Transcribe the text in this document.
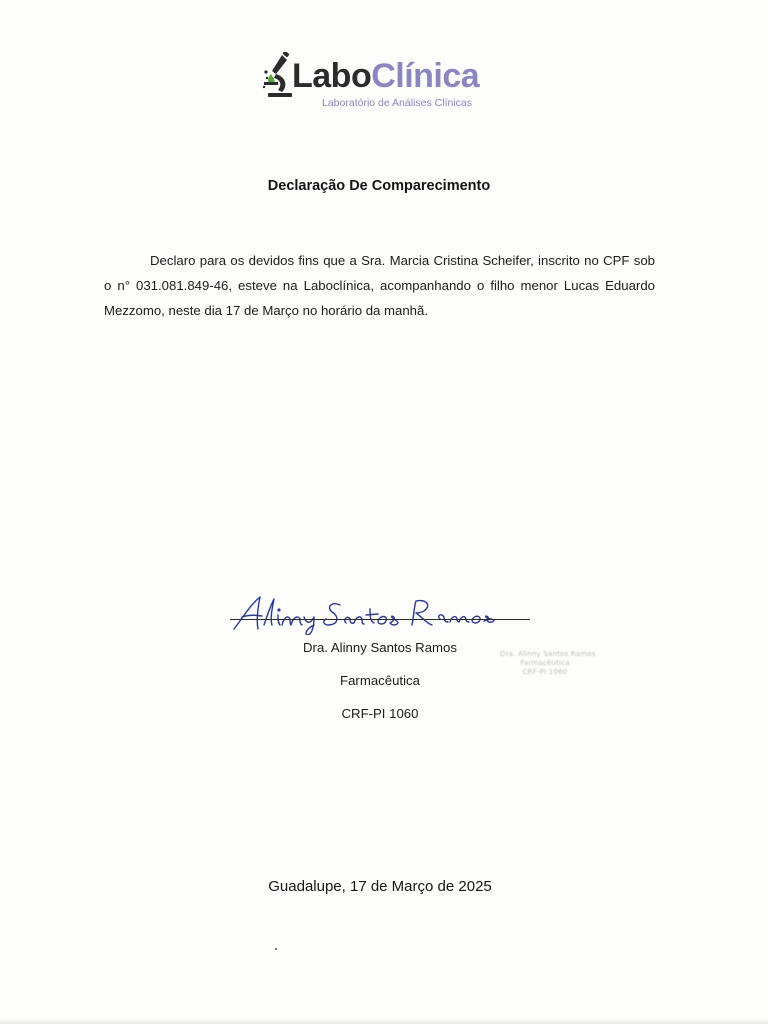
LaboClínica
Laboratório de Análises Clínicas
Declaração De Comparecimento
Declaro para os devidos fins que a Sra. Marcia Cristina Scheifer, inscrito no CPF sob o n° 031.081.849-46, esteve na Laboclínica, acompanhando o filho menor Lucas Eduardo Mezzomo, neste dia 17 de Março no horário da manhã.
Dra. Alinny Santos Ramos
Farmacêutica
CRF-PI 1060
Dra. Alinny Santos Ramos
Farmacêutica
CRF-PI 1060
Guadalupe, 17 de Março de 2025
